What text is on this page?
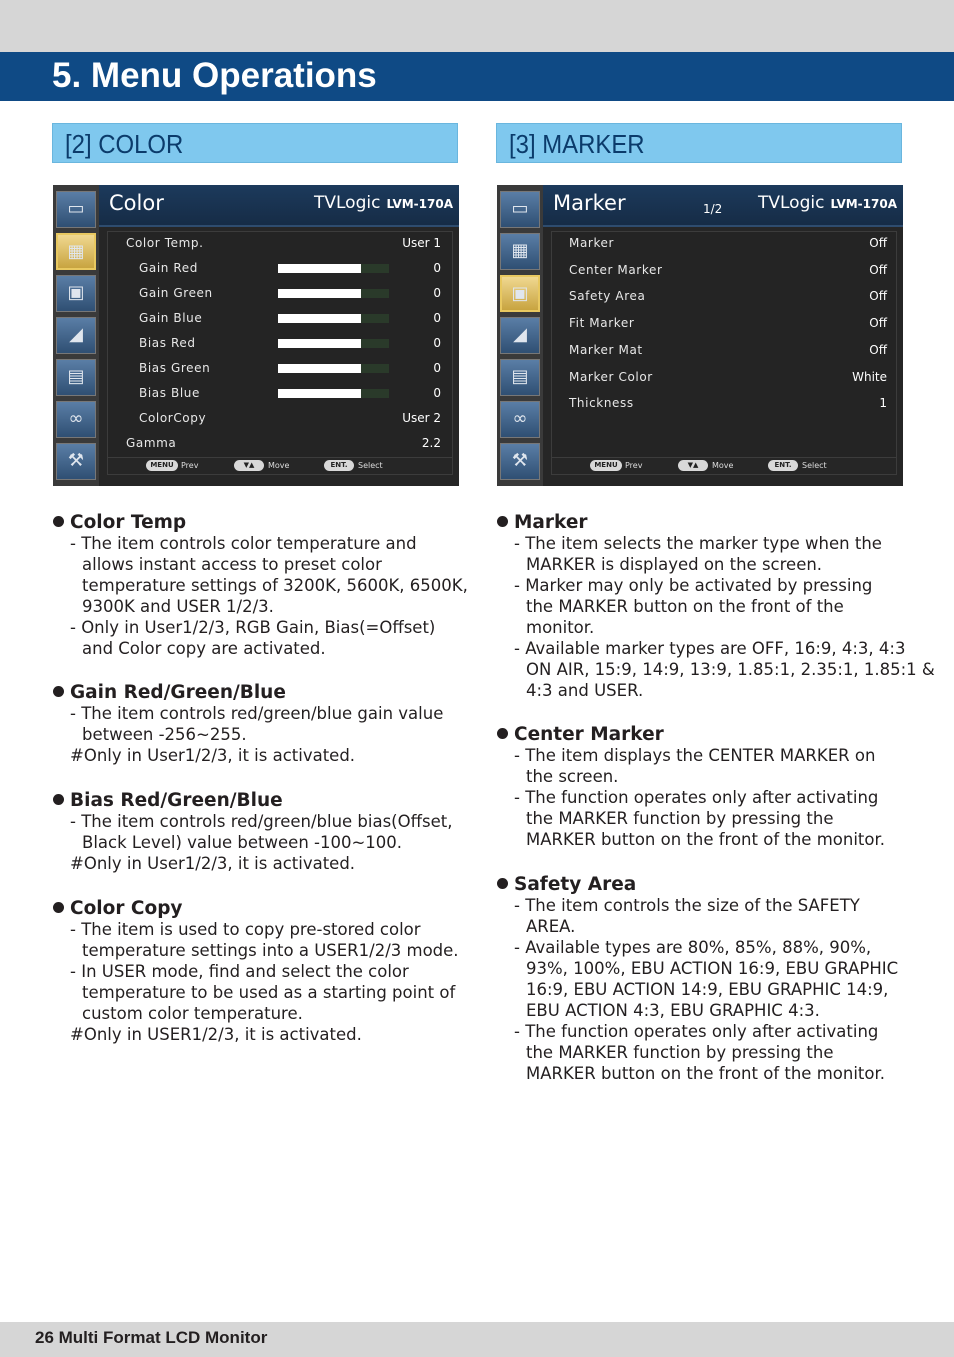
5. Menu Operations
[2] COLOR	[3] MARKER
▭
▦
▣
◢
▤
∞
⚒
Color	TVLogic LVM-170A
MENU Prev	▼▲	Move	ENT.	Select
Color Temp.	User 1
Gain Red	0
Gain Green	0
Gain Blue	0
Bias Red	0
Bias Green	0
Bias Blue	0
ColorCopy	User 2
Gamma	2.2
▭
▦
▣
◢
▤
∞
⚒
Marker	1/2 TVLogic LVM-170A
MENU Prev	▼▲	Move	ENT.	Select
Marker	Off
Center Marker	Off
Safety Area	Off
Fit Marker	Off
Marker Mat	Off
Marker Color	White
Thickness	1
26 Multi Format LCD Monitor
Color Temp
- The item controls color temperature and
allows instant access to preset color
temperature settings of 3200K, 5600K, 6500K,
9300K and USER 1/2/3.
- Only in User1/2/3, RGB Gain, Bias(=Offset)
and Color copy are activated.
Gain Red/Green/Blue
- The item controls red/green/blue gain value
between -256~255.
#Only in User1/2/3, it is activated.
Bias Red/Green/Blue
- The item controls red/green/blue bias(Offset,
Black Level) value between -100~100.
#Only in User1/2/3, it is activated.
Color Copy
- The item is used to copy pre-stored color
temperature settings into a USER1/2/3 mode.
- In USER mode, find and select the color
temperature to be used as a starting point of
custom color temperature.
#Only in USER1/2/3, it is activated.
Marker
- The item selects the marker type when the
MARKER is displayed on the screen.
- Marker may only be activated by pressing
the MARKER button on the front of the
monitor.
- Available marker types are OFF, 16:9, 4:3, 4:3
ON AIR, 15:9, 14:9, 13:9, 1.85:1, 2.35:1, 1.85:1 &
4:3 and USER.
Center Marker
- The item displays the CENTER MARKER on
the screen.
- The function operates only after activating
the MARKER function by pressing the
MARKER button on the front of the monitor.
Safety Area
- The item controls the size of the SAFETY
AREA.
- Available types are 80%, 85%, 88%, 90%,
93%, 100%, EBU ACTION 16:9, EBU GRAPHIC
16:9, EBU ACTION 14:9, EBU GRAPHIC 14:9,
EBU ACTION 4:3, EBU GRAPHIC 4:3.
- The function operates only after activating
the MARKER function by pressing the
MARKER button on the front of the monitor.
